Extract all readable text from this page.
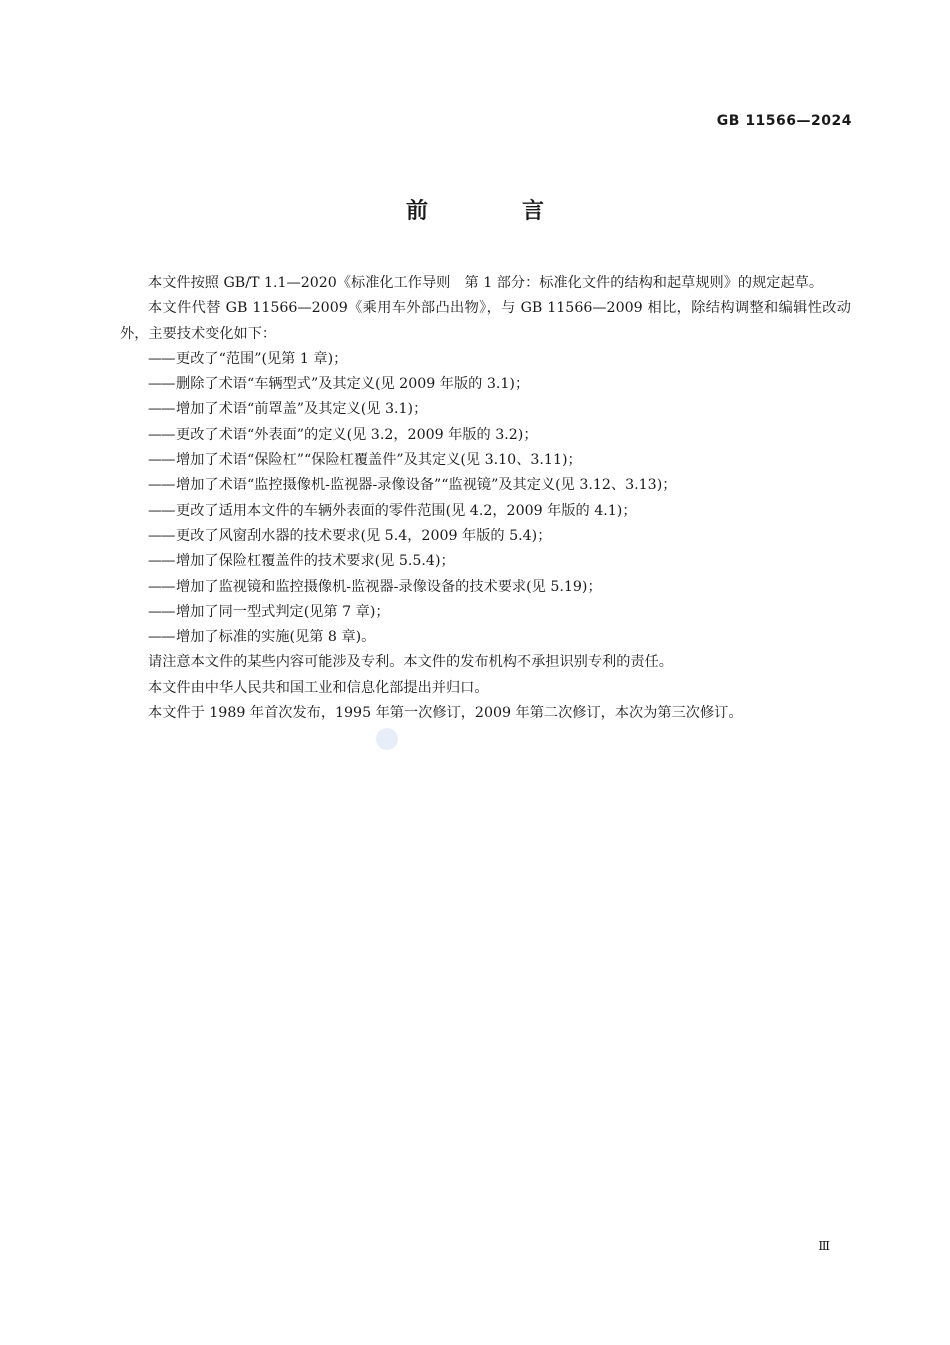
GB 11566—2024

前　言

本文件按照 GB/T 1.1—2020《标准化工作导则　第 1 部分：标准化文件的结构和起草规则》的规定起草。

本文件代替 GB 11566—2009《乘用车外部凸出物》，与 GB 11566—2009 相比，除结构调整和编辑性改动外，主要技术变化如下：

—— 更改了“范围”(见第 1 章)；
—— 删除了术语“车辆型式”及其定义(见 2009 年版的 3.1)；
—— 增加了术语“前罩盖”及其定义(见 3.1)；
—— 更改了术语“外表面”的定义(见 3.2，2009 年版的 3.2)；
—— 增加了术语“保险杠”“保险杠覆盖件”及其定义(见 3.10、3.11)；
—— 增加了术语“监控摄像机-监视器-录像设备”“监视镜”及其定义(见 3.12、3.13)；
—— 更改了适用本文件的车辆外表面的零件范围(见 4.2，2009 年版的 4.1)；
—— 更改了风窗刮水器的技术要求(见 5.4，2009 年版的 5.4)；
—— 增加了保险杠覆盖件的技术要求(见 5.5.4)；
—— 增加了监视镜和监控摄像机-监视器-录像设备的技术要求(见 5.19)；
—— 增加了同一型式判定(见第 7 章)；
—— 增加了标准的实施(见第 8 章)。

请注意本文件的某些内容可能涉及专利。本文件的发布机构不承担识别专利的责任。

本文件由中华人民共和国工业和信息化部提出并归口。

本文件于 1989 年首次发布，1995 年第一次修订，2009 年第二次修订，本次为第三次修订。

Ⅲ
